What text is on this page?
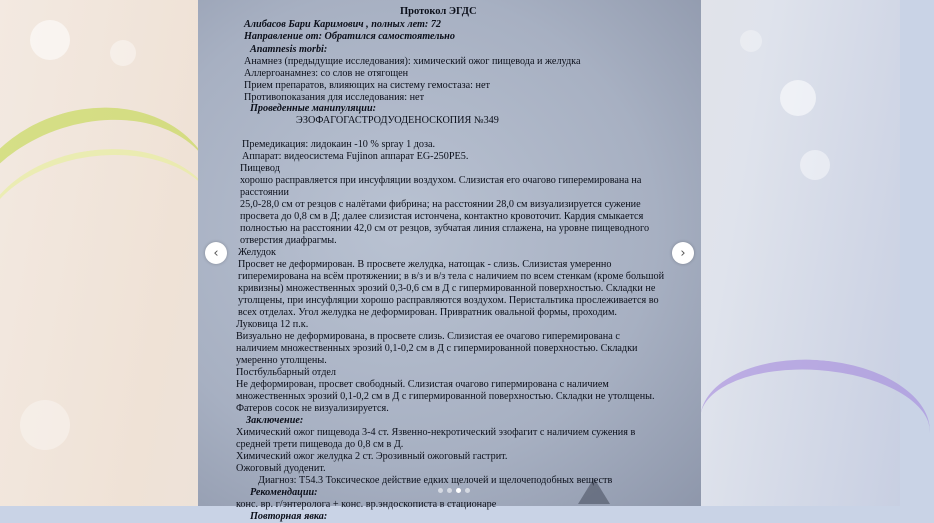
Протокол ЭГДС
Алибасов Бари Каримович , полных лет: 72
Направление от: Обратился самостоятельно
Anamnesis morbi:
Анамнез (предыдущие исследования): химический ожог пищевода и желудка
Аллергоанамнез: со слов не отягощен
Прием препаратов, влияющих на систему гемостаза: нет
Противопоказания для исследования: нет
Проведенные манипуляции:
ЭЗОФАГОГАСТРОДУОДЕНОСКОПИЯ №349
Премедикация: лидокаин -10 % spray 1 доза.
Аппарат: видеосистема Fujinon аппарат EG-250PE5.
Пищевод
хорошо расправляется при инсуфляции воздухом. Слизистая его очагово гиперемирована на
расстоянии
25,0-28,0 см от резцов с налётами фибрина; на расстоянии 28,0 см визуализируется сужение
просвета до 0,8 см в Д; далее слизистая истончена, контактно кровоточит. Кардия смыкается
полностью на расстоянии 42,0 см от резцов, зубчатая линия сглажена, на уровне пищеводного
отверстия диафрагмы.
Желудок
Просвет не деформирован. В просвете желудка, натощак - слизь. Слизистая умеренно
гиперемирована на всём протяжении; в в/з и в/з тела с наличием по всем стенкам (кроме большой
кривизны) множественных эрозий 0,3-0,6 см в Д с гипермированной поверхностью. Складки не
утолщены, при инсуфляции хорошо расправляются воздухом. Перистальтика прослеживается во
всех отделах. Угол желудка не деформирован. Привратник овальной формы, проходим.
Луковица 12 п.к.
Визуально не деформирована, в просвете слизь. Слизистая ее очагово гиперемирована с
наличием множественных эрозий 0,1-0,2 см в Д с гипермированной поверхностью. Складки
умеренно утолщены.
Постбульбарный отдел
Не деформирован, просвет свободный. Слизистая очагово гипермирована с наличием
множественных эрозий 0,1-0,2 см в Д с гипермированной поверхностью. Складки не утолщены.
Фатеров сосок не визуализируется.
Заключение:
Химический ожог пищевода 3-4 ст. Язвенно-некротический эзофагит с наличием сужения в
средней трети пищевода до 0,8 см в Д.
Химический ожог желудка 2 ст. Эрозивный ожоговый гастрит.
Ожоговый дуоденит.
Диагноз: T54.3 Токсическое действие едких щелочей и щелочеподобных веществ
Рекомендации:
конс. вр. г/энтеролога + конс. вр.эндоскописта в стационаре
Повторная явка:
‹	›
